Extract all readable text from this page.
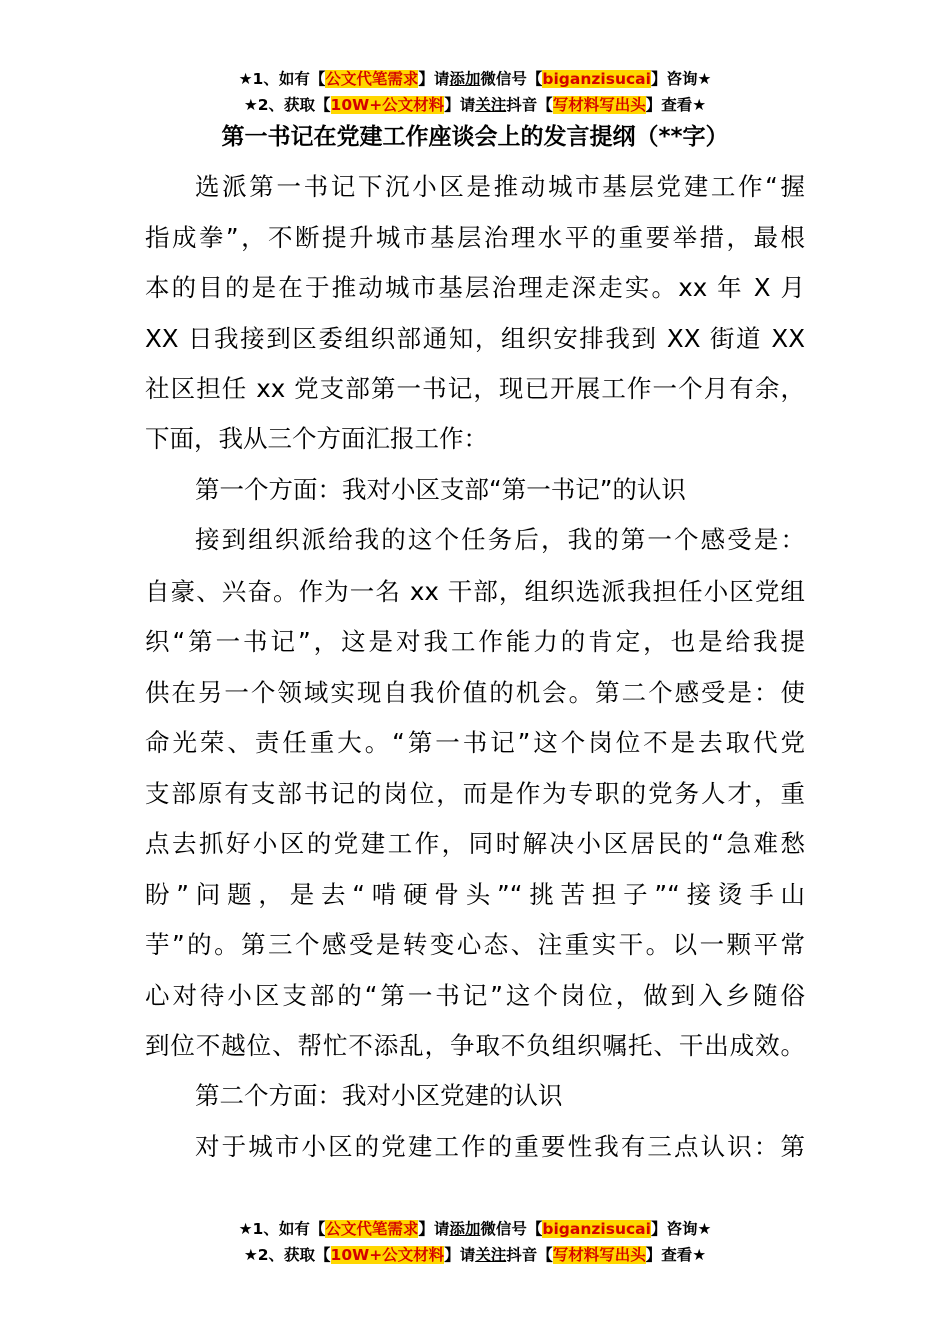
★1、如有【公文代笔需求】请添加微信号【biganzisucai】咨询★
★2、获取【10W+公文材料】请关注抖音【写材料写出头】查看★
第一书记在党建工作座谈会上的发言提纲（**字）
选派第一书记下沉小区是推动城市基层党建工作“握
指成拳”，不断提升城市基层治理水平的重要举措，最根
本的目的是在于推动城市基层治理走深走实。xx 年 X 月
XX 日我接到区委组织部通知，组织安排我到 XX 街道 XX
社区担任 xx 党支部第一书记，现已开展工作一个月有余，
下面，我从三个方面汇报工作：
第一个方面：我对小区支部“第一书记”的认识
接到组织派给我的这个任务后，我的第一个感受是：
自豪、兴奋。作为一名 xx 干部，组织选派我担任小区党组
织“第一书记”，这是对我工作能力的肯定，也是给我提
供在另一个领域实现自我价值的机会。第二个感受是：使
命光荣、责任重大。“第一书记”这个岗位不是去取代党
支部原有支部书记的岗位，而是作为专职的党务人才，重
点去抓好小区的党建工作，同时解决小区居民的“急难愁
盼”问题，是去“啃硬骨头”“挑苦担子”“接烫手山
芋”的。第三个感受是转变心态、注重实干。以一颗平常
心对待小区支部的“第一书记”这个岗位，做到入乡随俗
到位不越位、帮忙不添乱，争取不负组织嘱托、干出成效。
第二个方面：我对小区党建的认识
对于城市小区的党建工作的重要性我有三点认识：第
★1、如有【公文代笔需求】请添加微信号【biganzisucai】咨询★
★2、获取【10W+公文材料】请关注抖音【写材料写出头】查看★
